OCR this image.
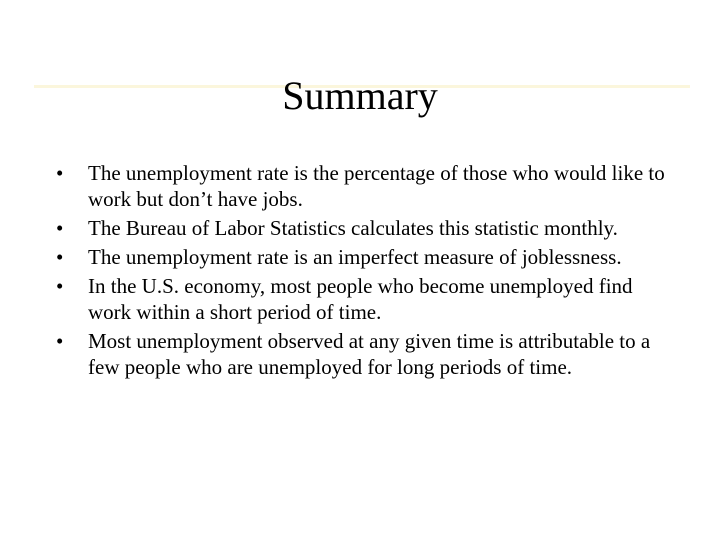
Summary
•	The unemployment rate is the percentage of those who would like to work but don’t have jobs.
•	The Bureau of Labor Statistics calculates this statistic monthly.
•	The unemployment rate is an imperfect measure of joblessness.
•	In the U.S. economy, most people who become unemployed find work within a short period of time.
•	Most unemployment observed at any given time is attributable to a few people who are unemployed for long periods of time.
